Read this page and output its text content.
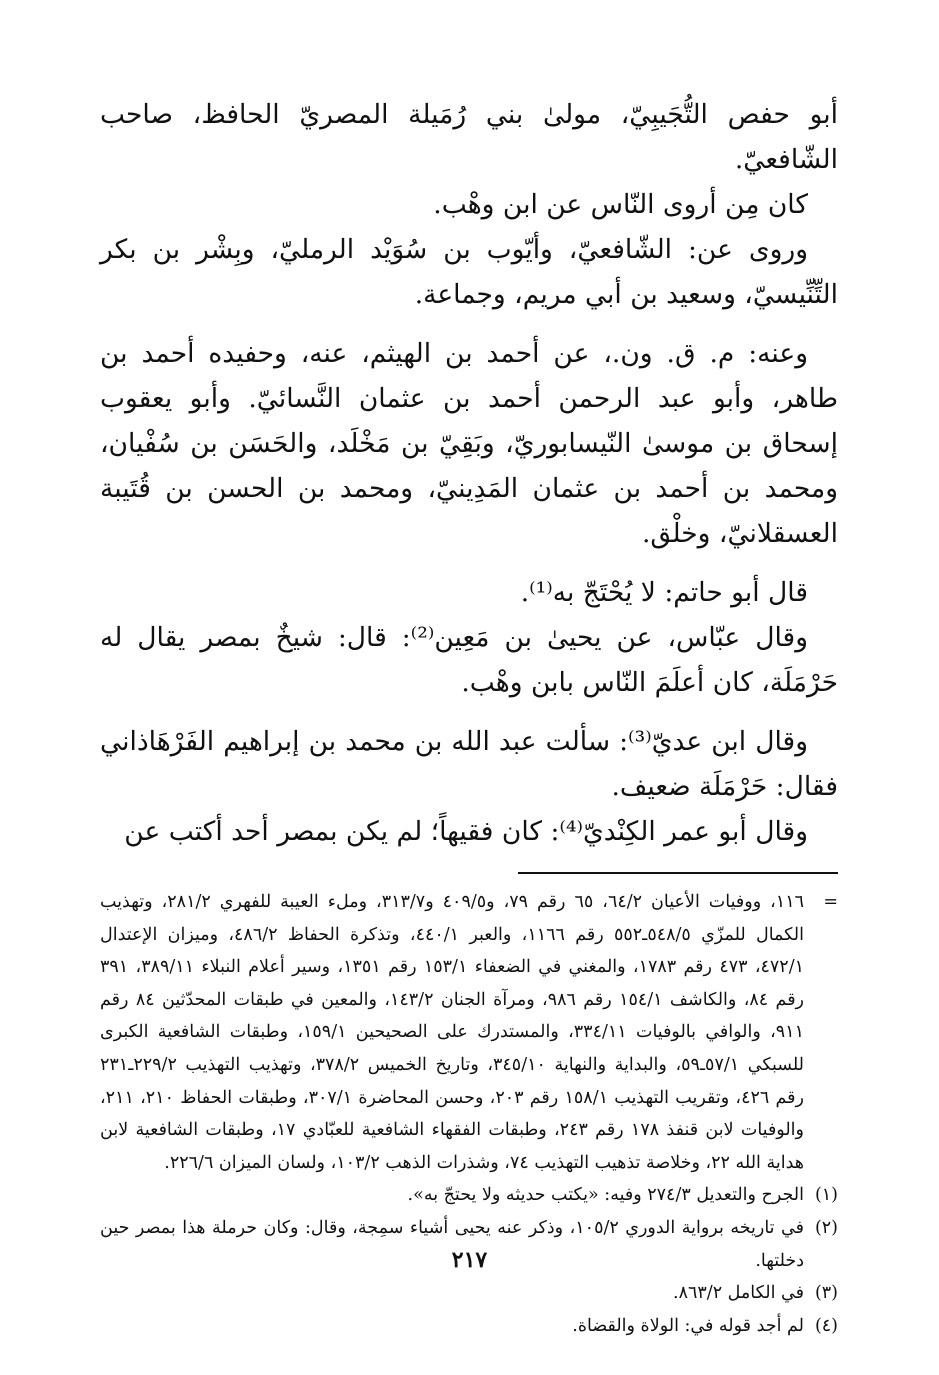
أبو حفص التُّجَيبِيّ، مولىٰ بني رُمَيلة المصريّ الحافظ، صاحب الشّافعيّ.

كان مِن أروى النّاس عن ابن وهْب.

وروى عن: الشّافعيّ، وأيّوب بن سُوَيْد الرمليّ، وبِشْر بن بكر التِّنِّيسيّ، وسعيد بن أبي مريم، وجماعة.

وعنه: م. ق. ون.، عن أحمد بن الهيثم، عنه، وحفيده أحمد بن طاهر، وأبو عبد الرحمن أحمد بن عثمان النَّسائيّ. وأبو يعقوب إسحاق بن موسىٰ النّيسابوريّ، وبَقِيّ بن مَخْلَد، والحَسَن بن سُفْيان، ومحمد بن أحمد بن عثمان المَدِينيّ، ومحمد بن الحسن بن قُتَيبة العسقلانيّ، وخلْق.

قال أبو حاتم: لا يُحْتَجّ به⁽¹⁾.

وقال عبّاس، عن يحيىٰ بن مَعِين⁽²⁾: قال: شيخٌ بمصر يقال له حَرْمَلَة، كان أعلَمَ النّاس بابن وهْب.

وقال ابن عديّ⁽³⁾: سألت عبد الله بن محمد بن إبراهيم الفَرْهَاذاني فقال: حَرْمَلَة ضعيف.

وقال أبو عمر الكِنْديّ⁽⁴⁾: كان فقيهاً؛ لم يكن بمصر أحد أكتب عن

=
١١٦، ووفيات الأعيان ٦٤/٢، ٦٥ رقم ٧٩، و٤٠٩/٥ و٣١٣/٧، وملء العيبة للفهري ٢٨١/٢، وتهذيب الكمال للمزّي ٥٤٨/٥ـ٥٥٢ رقم ١١٦٦، والعبر ٤٤٠/١، وتذكرة الحفاظ ٤٨٦/٢، وميزان الإعتدال ٤٧٢/١، ٤٧٣ رقم ١٧٨٣، والمغني في الضعفاء ١٥٣/١ رقم ١٣٥١، وسير أعلام النبلاء ٣٨٩/١١، ٣٩١ رقم ٨٤، والكاشف ١٥٤/١ رقم ٩٨٦، ومرآة الجنان ١٤٣/٢، والمعين في طبقات المحدّثين ٨٤ رقم ٩١١، والوافي بالوفيات ٣٣٤/١١، والمستدرك على الصحيحين ١٥٩/١، وطبقات الشافعية الكبرى للسبكي ٥٧/١ـ٥٩، والبداية والنهاية ٣٤٥/١٠، وتاريخ الخميس ٣٧٨/٢، وتهذيب التهذيب ٢٢٩/٢ـ٢٣١ رقم ٤٢٦، وتقريب التهذيب ١٥٨/١ رقم ٢٠٣، وحسن المحاضرة ٣٠٧/١، وطبقات الحفاظ ٢١٠، ٢١١، والوفيات لابن قنفذ ١٧٨ رقم ٢٤٣، وطبقات الفقهاء الشافعية للعبّادي ١٧، وطبقات الشافعية لابن هداية الله ٢٢، وخلاصة تذهيب التهذيب ٧٤، وشذرات الذهب ١٠٣/٢، ولسان الميزان ٢٢٦/٦.
(١)
الجرح والتعديل ٢٧٤/٣ وفيه: «يكتب حديثه ولا يحتجّ به».
(٢)
في تاريخه برواية الدوري ١٠٥/٢، وذكر عنه يحيى أشياء سمِجة، وقال: وكان حرملة هذا بمصر حين دخلتها.
(٣)
في الكامل ٨٦٣/٢.
(٤)
لم أجد قوله في: الولاة والقضاة.
٢١٧
